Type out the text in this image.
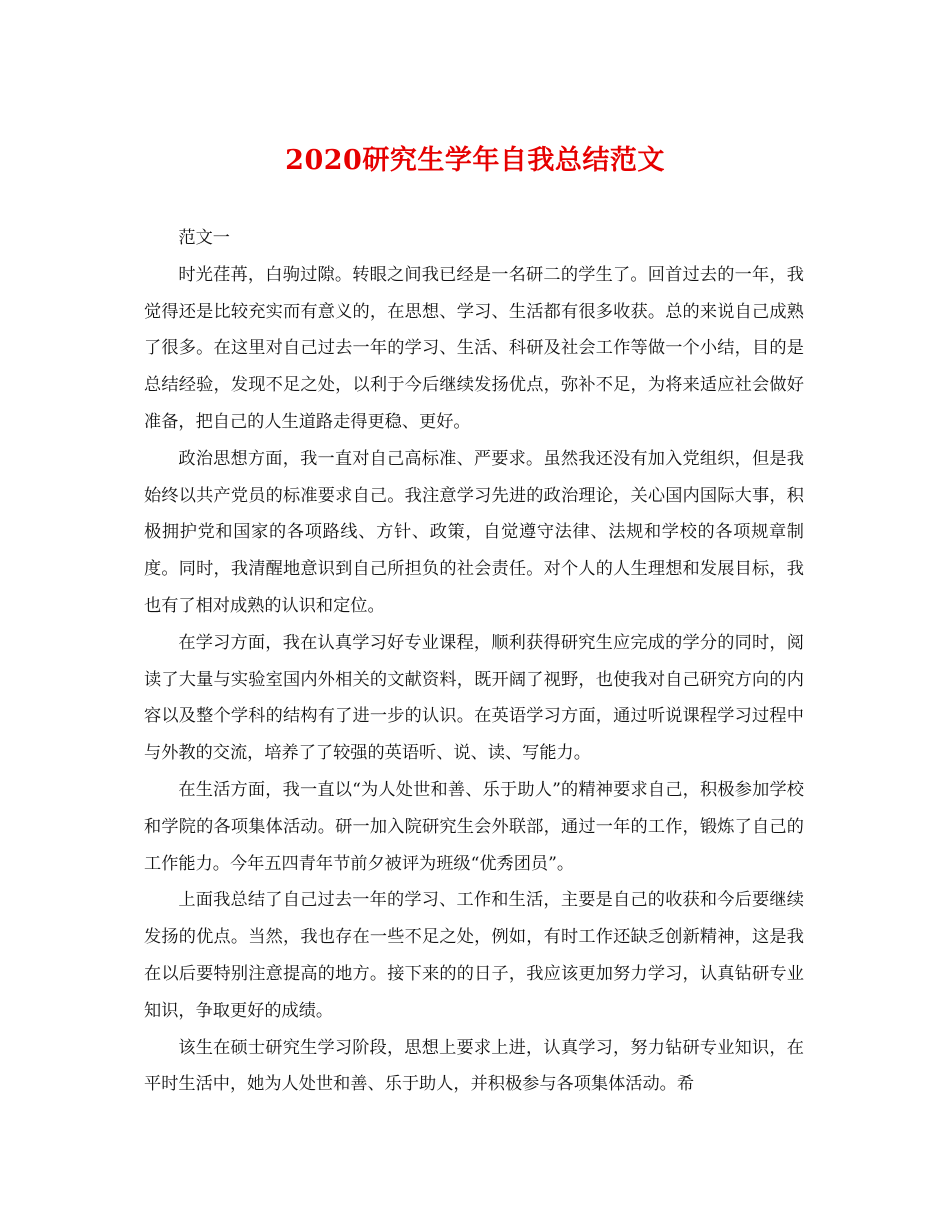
2020研究生学年自我总结范文

范文一

时光荏苒，白驹过隙。转眼之间我已经是一名研二的学生了。回首过去的一年，我觉得还是比较充实而有意义的，在思想、学习、生活都有很多收获。总的来说自己成熟了很多。在这里对自己过去一年的学习、生活、科研及社会工作等做一个小结，目的是总结经验，发现不足之处，以利于今后继续发扬优点，弥补不足，为将来适应社会做好准备，把自己的人生道路走得更稳、更好。

政治思想方面，我一直对自己高标准、严要求。虽然我还没有加入党组织，但是我始终以共产党员的标准要求自己。我注意学习先进的政治理论，关心国内国际大事，积极拥护党和国家的各项路线、方针、政策，自觉遵守法律、法规和学校的各项规章制度。同时，我清醒地意识到自己所担负的社会责任。对个人的人生理想和发展目标，我也有了相对成熟的认识和定位。

在学习方面，我在认真学习好专业课程，顺利获得研究生应完成的学分的同时，阅读了大量与实验室国内外相关的文献资料，既开阔了视野，也使我对自己研究方向的内容以及整个学科的结构有了进一步的认识。在英语学习方面，通过听说课程学习过程中与外教的交流，培养了了较强的英语听、说、读、写能力。

在生活方面，我一直以“为人处世和善、乐于助人”的精神要求自己，积极参加学校和学院的各项集体活动。研一加入院研究生会外联部，通过一年的工作，锻炼了自己的工作能力。今年五四青年节前夕被评为班级“优秀团员”。

上面我总结了自己过去一年的学习、工作和生活，主要是自己的收获和今后要继续发扬的优点。当然，我也存在一些不足之处，例如，有时工作还缺乏创新精神，这是我在以后要特别注意提高的地方。接下来的的日子，我应该更加努力学习，认真钻研专业知识，争取更好的成绩。

该生在硕士研究生学习阶段，思想上要求上进，认真学习，努力钻研专业知识，在平时生活中，她为人处世和善、乐于助人，并积极参与各项集体活动。希
